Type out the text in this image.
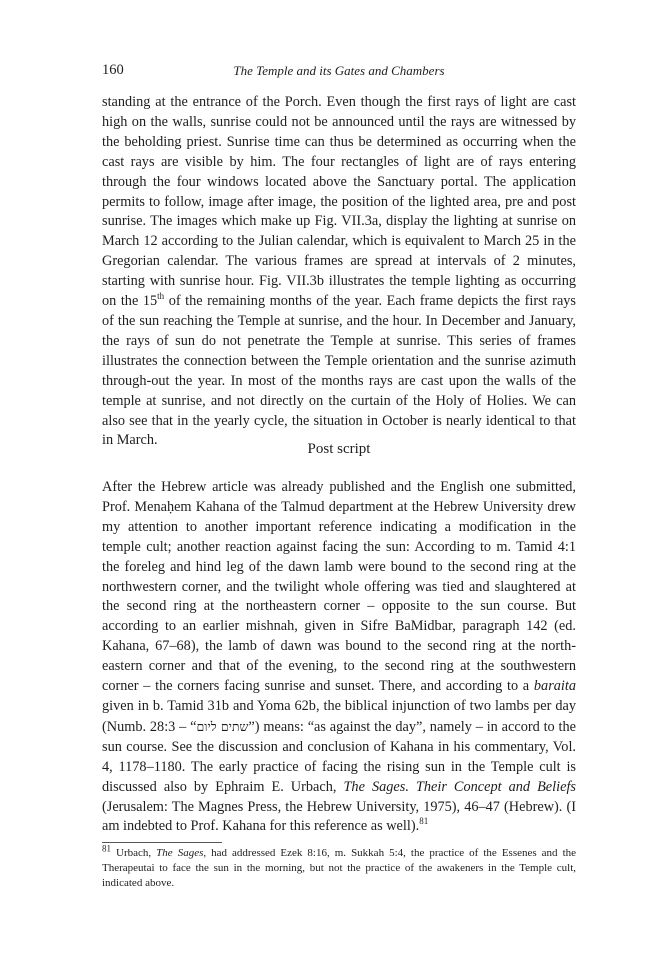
160	The Temple and its Gates and Chambers
standing at the entrance of the Porch. Even though the first rays of light are cast high on the walls, sunrise could not be announced until the rays are witnessed by the beholding priest. Sunrise time can thus be determined as occurring when the cast rays are visible by him. The four rectangles of light are of rays entering through the four windows located above the Sanctuary portal. The application permits to follow, image after image, the position of the lighted area, pre and post sunrise. The images which make up Fig. VII.3a, display the lighting at sunrise on March 12 according to the Julian calendar, which is equivalent to March 25 in the Gregorian calendar. The various frames are spread at intervals of 2 minutes, starting with sunrise hour. Fig. VII.3b illustrates the temple lighting as occurring on the 15th of the remaining months of the year. Each frame depicts the first rays of the sun reaching the Temple at sunrise, and the hour. In December and January, the rays of sun do not penetrate the Temple at sunrise. This series of frames illustrates the connection between the Temple orientation and the sunrise azimuth through-out the year. In most of the months rays are cast upon the walls of the temple at sunrise, and not directly on the curtain of the Holy of Holies. We can also see that in the yearly cycle, the situation in October is nearly identical to that in March.
Post script
After the Hebrew article was already published and the English one submitted, Prof. Menaḥem Kahana of the Talmud department at the Hebrew University drew my attention to another important reference indicating a modification in the temple cult; another reaction against facing the sun: According to m. Tamid 4:1 the foreleg and hind leg of the dawn lamb were bound to the second ring at the northwestern corner, and the twilight whole offering was tied and slaughtered at the second ring at the northeastern corner – opposite to the sun course. But according to an earlier mishnah, given in Sifre BaMidbar, paragraph 142 (ed. Kahana, 67–68), the lamb of dawn was bound to the second ring at the north-eastern corner and that of the evening, to the second ring at the southwestern corner – the corners facing sunrise and sunset. There, and according to a baraita given in b. Tamid 31b and Yoma 62b, the biblical injunction of two lambs per day (Numb. 28:3 – “שתים ליום”) means: “as against the day”, namely – in accord to the sun course. See the discussion and conclusion of Kahana in his commentary, Vol. 4, 1178–1180. The early practice of facing the rising sun in the Temple cult is discussed also by Ephraim E. Urbach, The Sages. Their Concept and Beliefs (Jerusalem: The Magnes Press, the Hebrew University, 1975), 46–47 (Hebrew). (I am indebted to Prof. Kahana for this reference as well).$^{81}$
$^{81}$ Urbach, The Sages, had addressed Ezek 8:16, m. Sukkah 5:4, the practice of the Essenes and the Therapeutai to face the sun in the morning, but not the practice of the awakeners in the Temple cult, indicated above.
